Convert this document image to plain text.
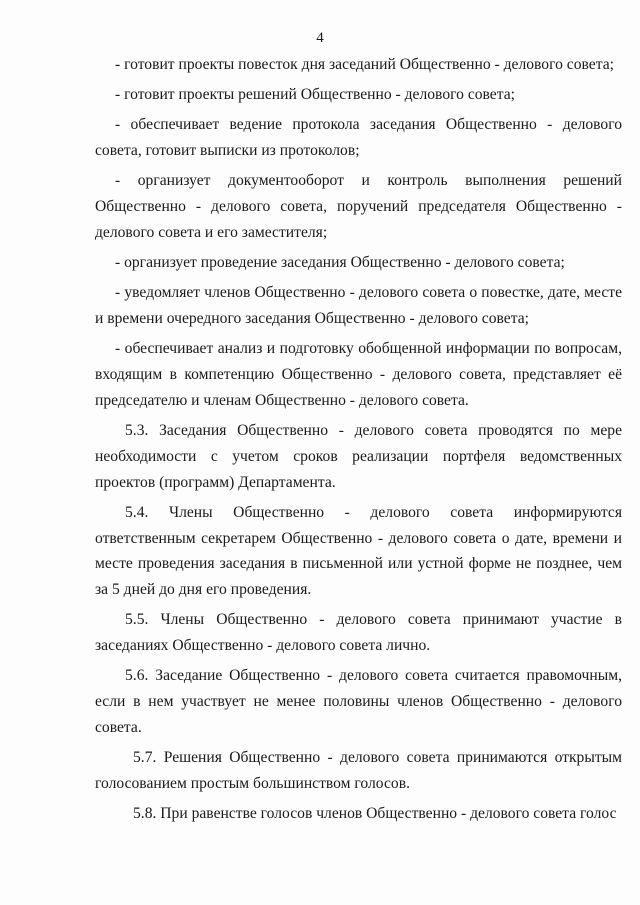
4

- готовит проекты повесток дня заседаний Общественно - делового совета;

- готовит проекты решений Общественно - делового совета;

- обеспечивает ведение протокола заседания Общественно - делового совета, готовит выписки из протоколов;

- организует документооборот и контроль выполнения решений Общественно - делового совета, поручений председателя Общественно - делового совета и его заместителя;

- организует проведение заседания Общественно - делового совета;

- уведомляет членов Общественно - делового совета о повестке, дате, месте и времени очередного заседания Общественно - делового совета;

- обеспечивает анализ и подготовку обобщенной информации по вопросам, входящим в компетенцию Общественно - делового совета, представляет её председателю и членам Общественно - делового совета.

5.3. Заседания Общественно - делового совета проводятся по мере необходимости с учетом сроков реализации портфеля ведомственных проектов (программ) Департамента.

5.4. Члены Общественно - делового совета информируются ответственным секретарем Общественно - делового совета о дате, времени и месте проведения заседания в письменной или устной форме не позднее, чем за 5 дней до дня его проведения.

5.5. Члены Общественно - делового совета принимают участие в заседаниях Общественно - делового совета лично.

5.6. Заседание Общественно - делового совета считается правомочным, если в нем участвует не менее половины членов Общественно - делового совета.

5.7. Решения Общественно - делового совета принимаются открытым голосованием простым большинством голосов.

5.8. При равенстве голосов членов Общественно - делового совета голос
